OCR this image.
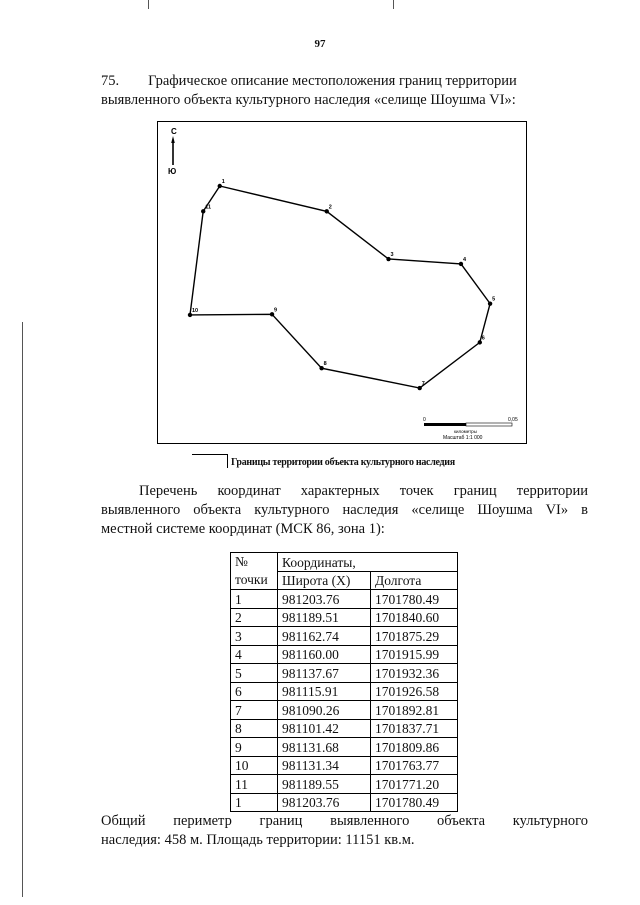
97
75.        Графическое описание местоположения границ территории
выявленного объекта культурного наследия «селище Шоушма VI»:
С
Ю
1
2
3
4
5
6
7
8
9
10
11
0	0,05
километры
Масштаб 1:1 000
Границы территории объекта культурного наследия
Перечень координат характерных точек границ территории
выявленного объекта культурного наследия «селище Шоушма VI» в
местной системе координат (МСК 86, зона 1):
№
точки	Координаты,	
	Широта (X)	Долгота
1	981203.76	1701780.49
2	981189.51	1701840.60
3	981162.74	1701875.29
4	981160.00	1701915.99
5	981137.67	1701932.36
6	981115.91	1701926.58
7	981090.26	1701892.81
8	981101.42	1701837.71
9	981131.68	1701809.86
10	981131.34	1701763.77
11	981189.55	1701771.20
1	981203.76	1701780.49
Общий периметр границ выявленного объекта культурного
наследия: 458 м. Площадь территории: 11151 кв.м.
